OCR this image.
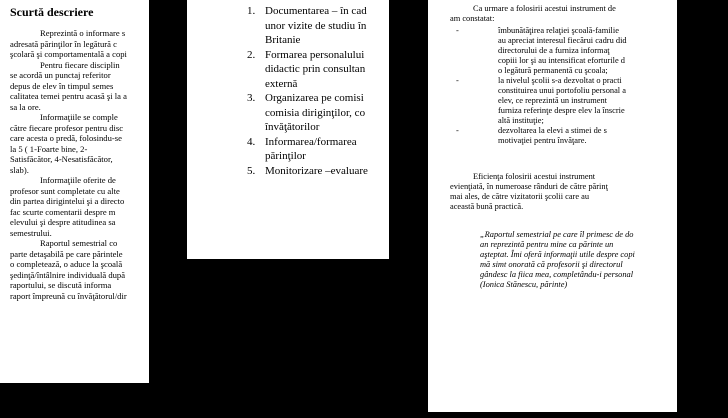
Scurtă descriere

Reprezintă o informare s

adresată părinţilor în legătură c

şcolară şi comportamentală a copi

Pentru fiecare disciplin

se acordă un punctaj referitor

depus de elev în timpul semes

calitatea temei pentru acasă şi la a

sa la ore.

Informaţiile se comple

către fiecare profesor pentru disc

care acesta o predă, folosindu-se

la 5 ( 1-Foarte bine, 2-

Satisfăcător, 4-Nesatisfăcător,

slab).

Informaţiile oferite de

profesor sunt completate cu alte

din partea dirigintelui şi a directo

fac scurte comentarii despre m

elevului şi despre atitudinea sa

semestrului.

Raportul semestrial co

parte detaşabilă pe care părintele

o completează, o aduce la şcoală

şedinţă/întâlnire individuală după

raportului, se discută informa

raport împreună cu învăţătorul/dir

1. Documentarea – în cad
unor vizite de studiu în
Britanie
2. Formarea personalului
didactic prin consultan
externă
3. Organizarea pe comisi
comisia diriginţilor, co
învăţătorilor
4. Informarea/formarea
părinţilor
5. Monitorizare –evaluare
Ca urmare a folosirii acestui instrument de
am constatat:
-	îmbunătăţirea relaţiei şcoală-familie
au apreciat interesul fiecărui cadru did
directorului de a furniza informaţ
copiii lor şi au intensificat eforturile d
o legătură permanentă cu şcoala;
-	la nivelul şcolii s-a dezvoltat o practi
constituirea unui portofoliu personal a
elev, ce reprezintă un instrument
furniza referinţe despre elev la înscrie
altă instituţie;
-	dezvoltarea la elevi a stimei de s
motivaţiei pentru învăţare.
Eficienţa folosirii acestui instrument
evienţiată, în numeroase rânduri de către părinţ
mai ales, de către vizitatorii şcolii care au
această bună practică.
„Raportul semestrial pe care îl primesc de do
an reprezintă pentru mine ca părinte un
aşteptat. Îmi oferă informaţii utile despre copi
mă simt onorată că profesorii şi directorul
gândesc la fiica mea, completându-i personal
(Ionica Stănescu, părinte)
